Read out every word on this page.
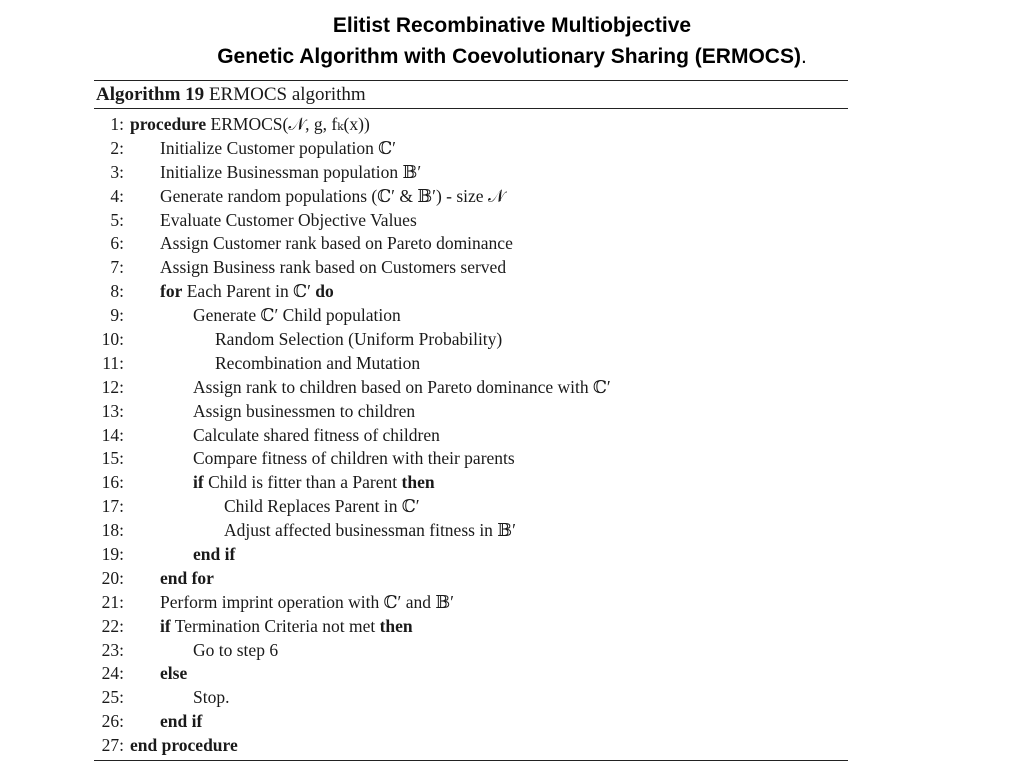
Elitist Recombinative Multiobjective
Genetic Algorithm with Coevolutionary Sharing (ERMOCS).
Algorithm 19 ERMOCS algorithm
1: procedure ERMOCS(𝒩, g, fₖ(x))
2: Initialize Customer population ℂ′
3: Initialize Businessman population 𝔹′
4: Generate random populations (ℂ′ & 𝔹′) - size 𝒩
5: Evaluate Customer Objective Values
6: Assign Customer rank based on Pareto dominance
7: Assign Business rank based on Customers served
8: for Each Parent in ℂ′ do
9:	Generate ℂ′ Child population
10:	Random Selection (Uniform Probability)
11:	Recombination and Mutation
12:	Assign rank to children based on Pareto dominance with ℂ′
13:	Assign businessmen to children
14:	Calculate shared fitness of children
15:	Compare fitness of children with their parents
16:	if Child is fitter than a Parent then
17:	Child Replaces Parent in ℂ′
18:	Adjust affected businessman fitness in 𝔹′
19:	end if
20: end for
21: Perform imprint operation with ℂ′ and 𝔹′
22: if Termination Criteria not met then
23:	Go to step 6
24: else
25:	Stop.
26: end if
27: end procedure
